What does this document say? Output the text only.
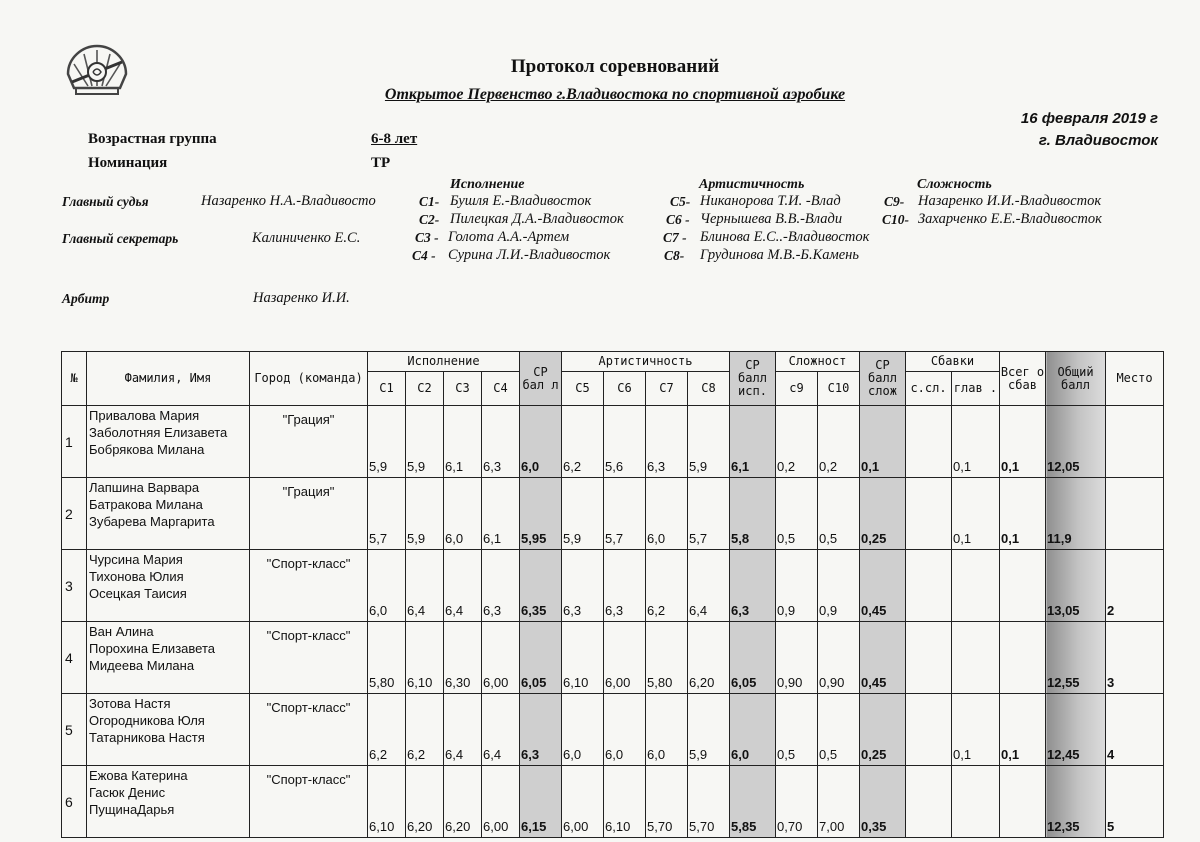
Протокол соревнований
Открытое Первенство г.Владивостока по спортивной аэробике
16 февраля 2019 г
г. Владивосток
Возрастная группа	6-8 лет
Номинация	ТР
Исполнение	Артистичность	Сложность
Главный судья	Назаренко Н.А.-Владивосто
Главный секретарь	Калиниченко Е.С.
Арбитр	Назаренко И.И.
C1- Бушля Е.-Владивосток
C2- Пилецкая Д.А.-Владивосток
C3 - Голота А.А.-Артем
C4 - Сурина Л.И.-Владивосток
C5- Никанорова Т.И. -Влад
C6 - Чернышева В.В.-Влади
C7 - Блинова Е.С..-Владивосток
C8- Грудинова М.В.-Б.Камень
C9- Назаренко И.И.-Владивосток
C10- Захарченко Е.Е.-Владивосток
№	Фамилия, Имя	Город (команда)	Исполнение				СР бал л	Артистичность				СР балл исп.	Сложност		СР балл слож	Сбавки		Всег о сбав	Общий балл	Место
			C1	C2	C3	C4		C5	C6	C7	C8		с9	C10		с.сл.	глав .			
1	Привалова Мария
Заболотняя Елизавета
Бобрякова Милана	"Грация"	5,9	5,9	6,1	6,3	6,0	6,2	5,6	6,3	5,9	6,1	0,2	0,2	0,1		0,1	0,1	12,05	
2	Лапшина Варвара
Батракова Милана
Зубарева Маргарита	"Грация"	5,7	5,9	6,0	6,1	5,95	5,9	5,7	6,0	5,7	5,8	0,5	0,5	0,25		0,1	0,1	11,9	
3	Чурсина Мария
Тихонова Юлия
Осецкая Таисия	"Спорт-класс"	6,0	6,4	6,4	6,3	6,35	6,3	6,3	6,2	6,4	6,3	0,9	0,9	0,45				13,05	2
4	Ван Алина
Порохина Елизавета
Мидеева Милана	"Спорт-класс"	5,80	6,10	6,30	6,00	6,05	6,10	6,00	5,80	6,20	6,05	0,90	0,90	0,45				12,55	3
5	Зотова Настя
Огородникова Юля
Татарникова Настя	"Спорт-класс"	6,2	6,2	6,4	6,4	6,3	6,0	6,0	6,0	5,9	6,0	0,5	0,5	0,25		0,1	0,1	12,45	4
6	Ежова Катерина
Гасюк Денис
ПущинаДарья	"Спорт-класс"	6,10	6,20	6,20	6,00	6,15	6,00	6,10	5,70	5,70	5,85	0,70	7,00	0,35				12,35	5
